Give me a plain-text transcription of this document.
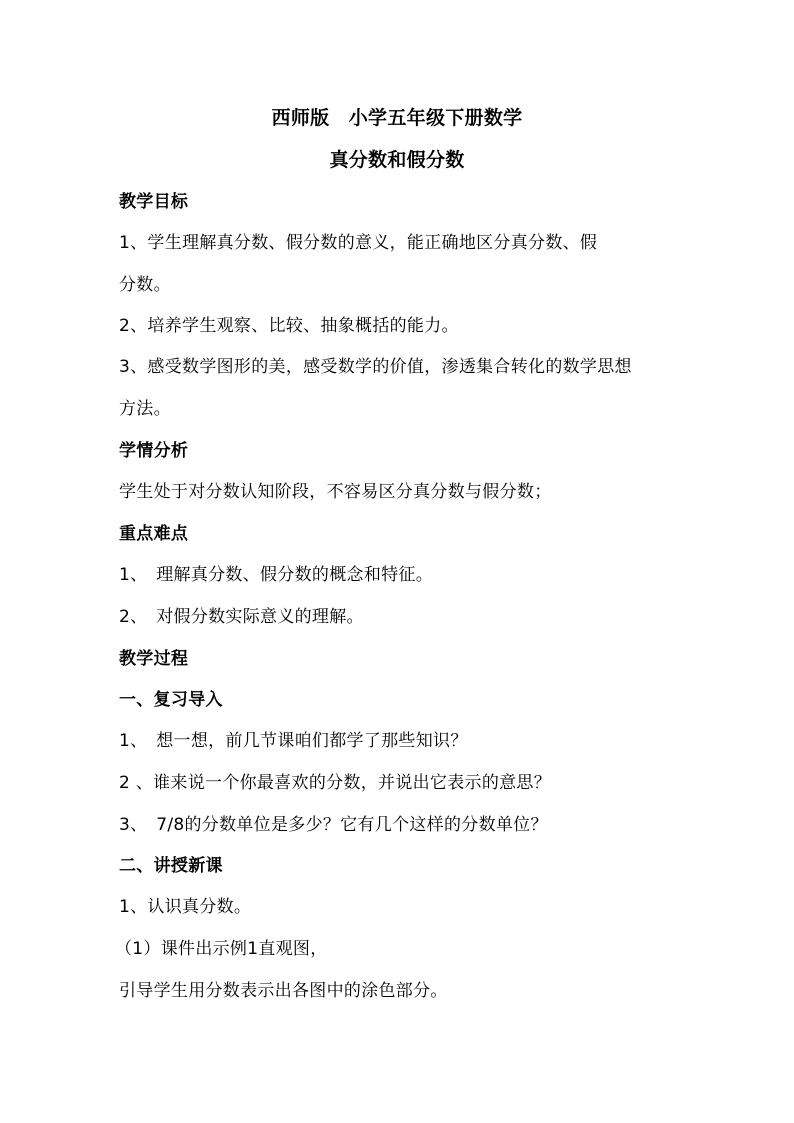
西师版　小学五年级下册数学
真分数和假分数
教学目标
1、学生理解真分数、假分数的意义，能正确地区分真分数、假
分数。
2、培养学生观察、比较、抽象概括的能力。
3、感受数学图形的美，感受数学的价值，渗透集合转化的数学思想
方法。
学情分析
学生处于对分数认知阶段，不容易区分真分数与假分数；
重点难点
1、　理解真分数、假分数的概念和特征。
2、　对假分数实际意义的理解。
教学过程
一、复习导入
1、　想一想，前几节课咱们都学了那些知识？
2 、谁来说一个你最喜欢的分数，并说出它表示的意思？
3、　7/8的分数单位是多少？它有几个这样的分数单位？
二、讲授新课
1、认识真分数。
（1）课件出示例1直观图，
引导学生用分数表示出各图中的涂色部分。
